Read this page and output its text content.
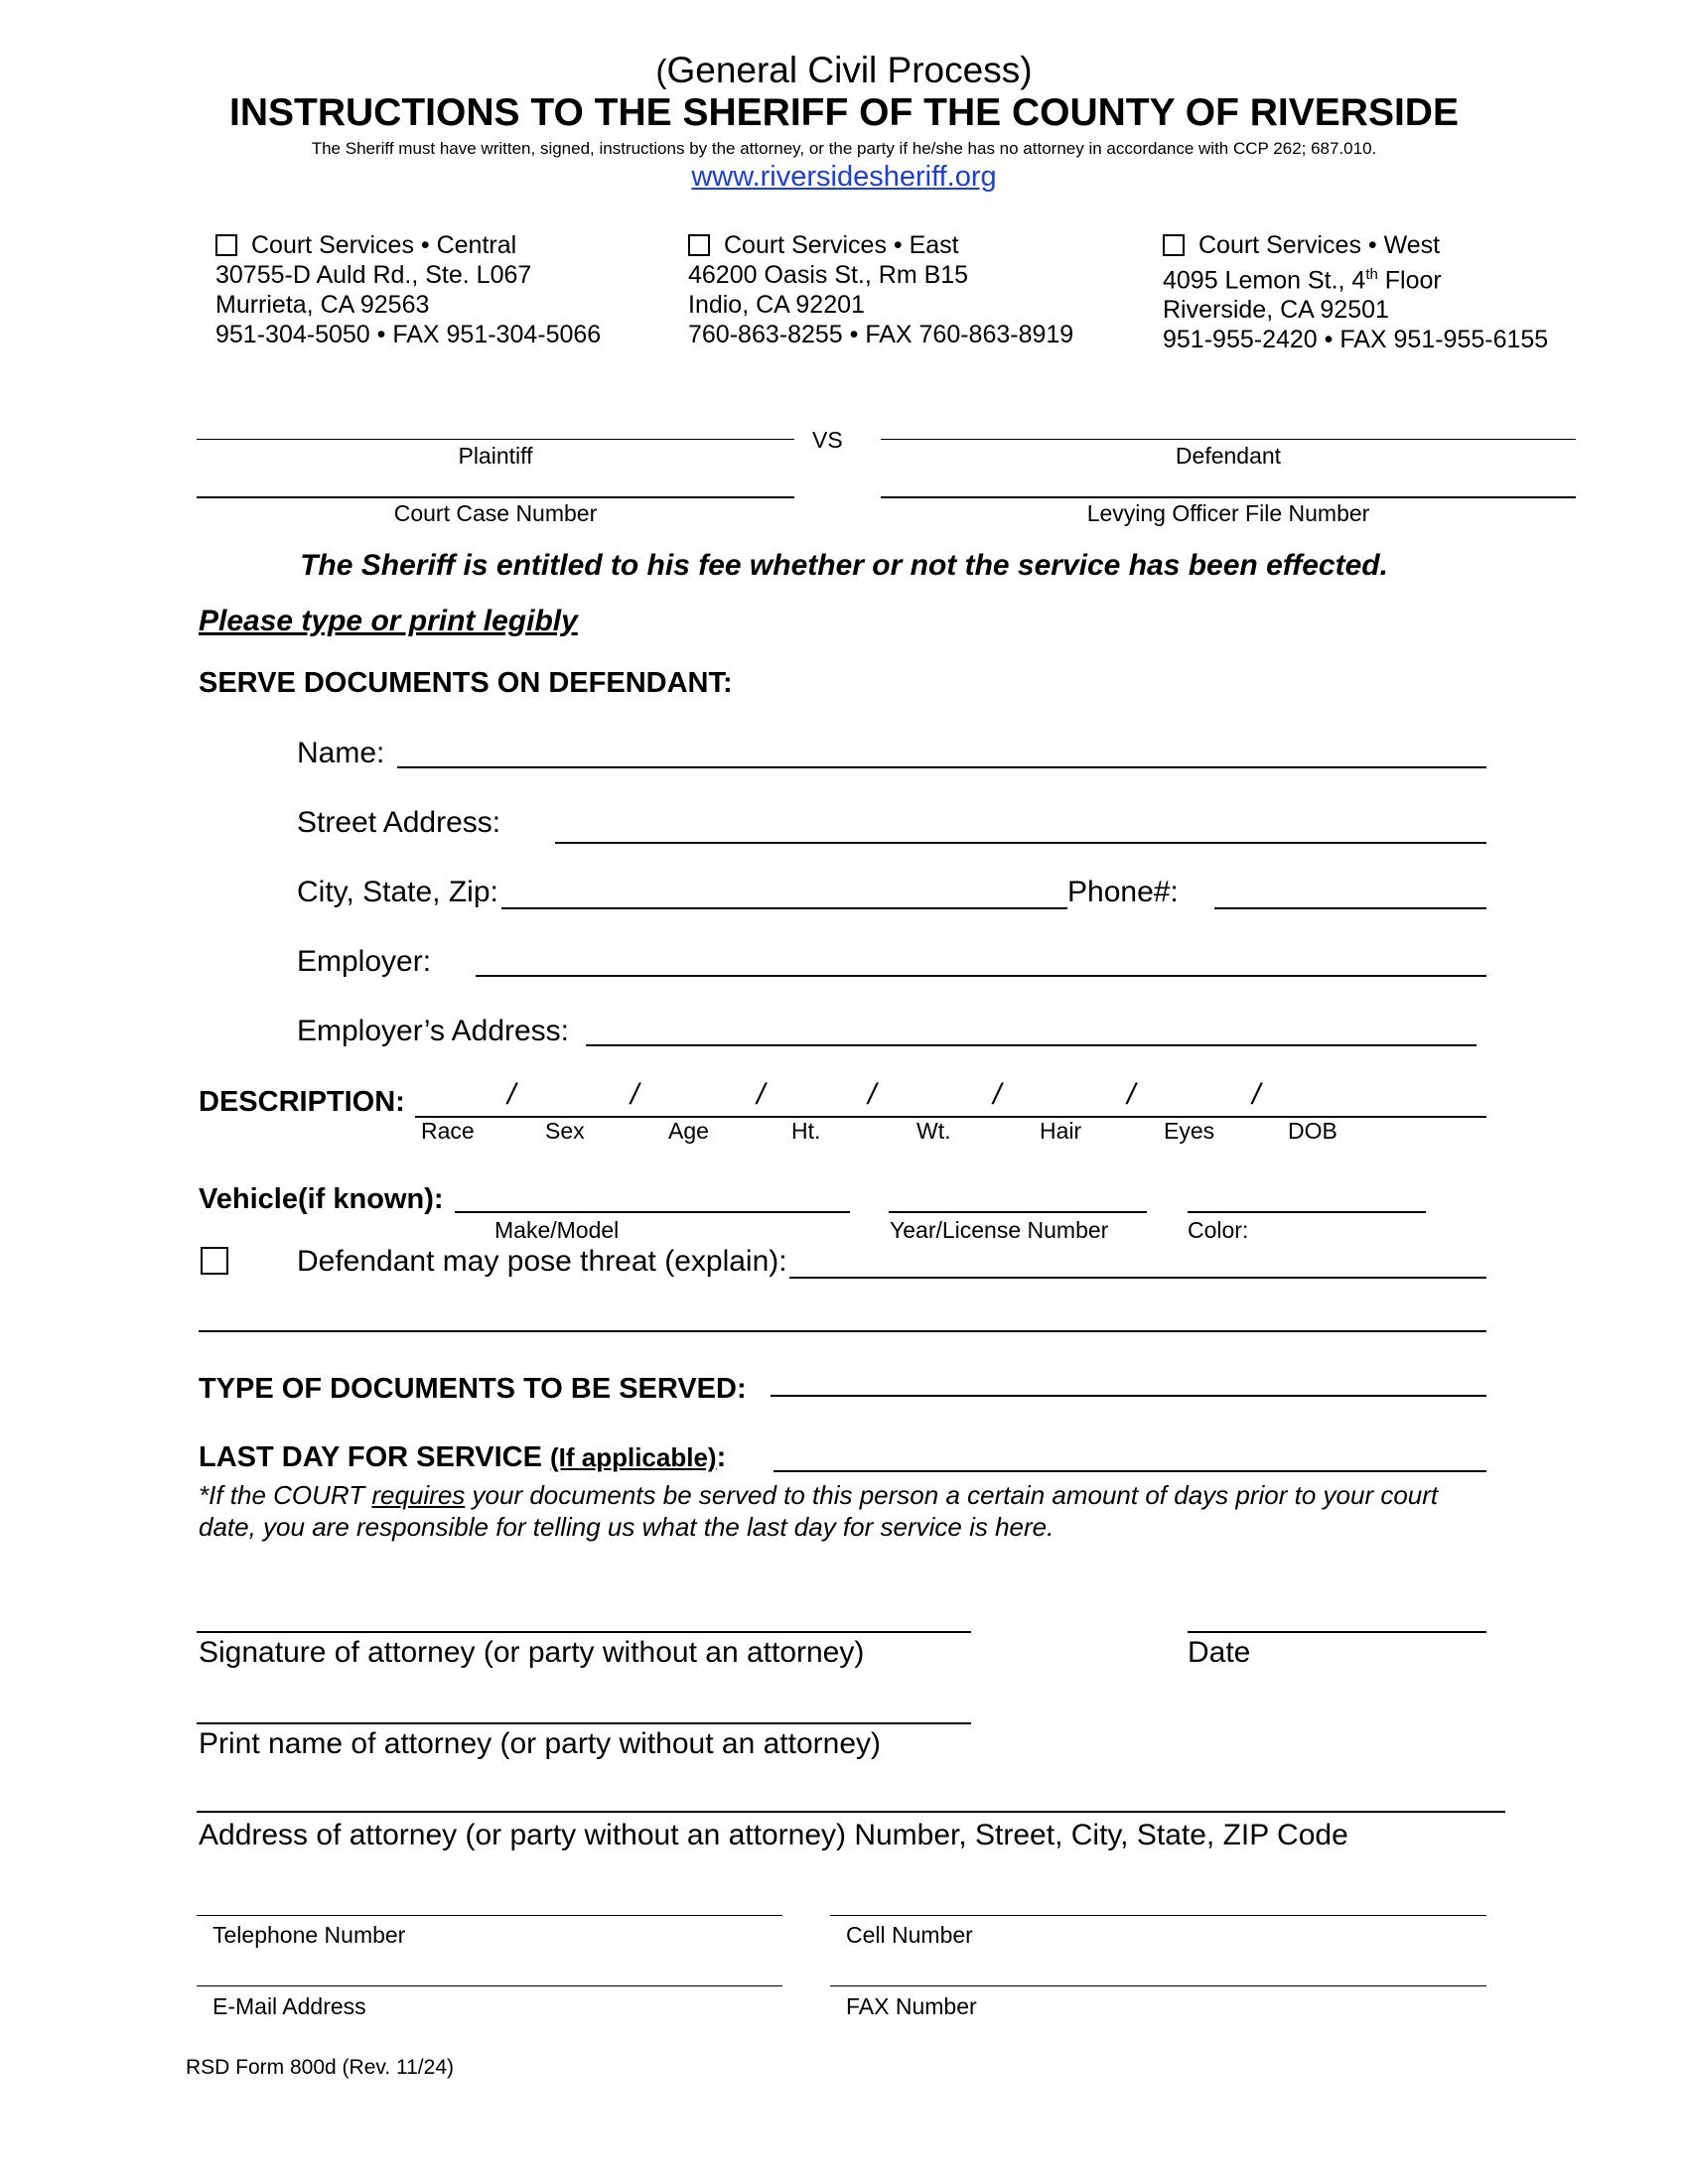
(General Civil Process)
INSTRUCTIONS TO THE SHERIFF OF THE COUNTY OF RIVERSIDE
The Sheriff must have written, signed, instructions by the attorney, or the party if he/she has no attorney in accordance with CCP 262; 687.010.
www.riversidesheriff.org
Court Services • Central
30755-D Auld Rd., Ste. L067
Murrieta, CA 92563
951-304-5050 • FAX 951-304-5066
Court Services • East
46200 Oasis St., Rm B15
Indio, CA 92201
760-863-8255 • FAX 760-863-8919
Court Services • West
4095 Lemon St., 4th Floor
Riverside, CA 92501
951-955-2420 • FAX 951-955-6155
Plaintiff
VS
Defendant
Court Case Number	Levying Officer File Number
The Sheriff is entitled to his fee whether or not the service has been effected.
Please type or print legibly
SERVE DOCUMENTS ON DEFENDANT:
Name:
Street Address:
City, State, Zip:	Phone#:
Employer:
Employer’s Address:
DESCRIPTION:	/	/	/	/	/	/	/
Race	Sex	Age	Ht.	Wt.	Hair	Eyes	DOB
Vehicle(if known):
Make/Model	Year/License Number	Color:
Defendant may pose threat (explain):
TYPE OF DOCUMENTS TO BE SERVED:
LAST DAY FOR SERVICE (If applicable):
*If the COURT requires your documents be served to this person a certain amount of days prior to your court date, you are responsible for telling us what the last day for service is here.
Signature of attorney (or party without an attorney)	Date
Print name of attorney (or party without an attorney)
Address of attorney (or party without an attorney) Number, Street, City, State, ZIP Code
Telephone Number	Cell Number
E-Mail Address	FAX Number
RSD Form 800d (Rev. 11/24)
